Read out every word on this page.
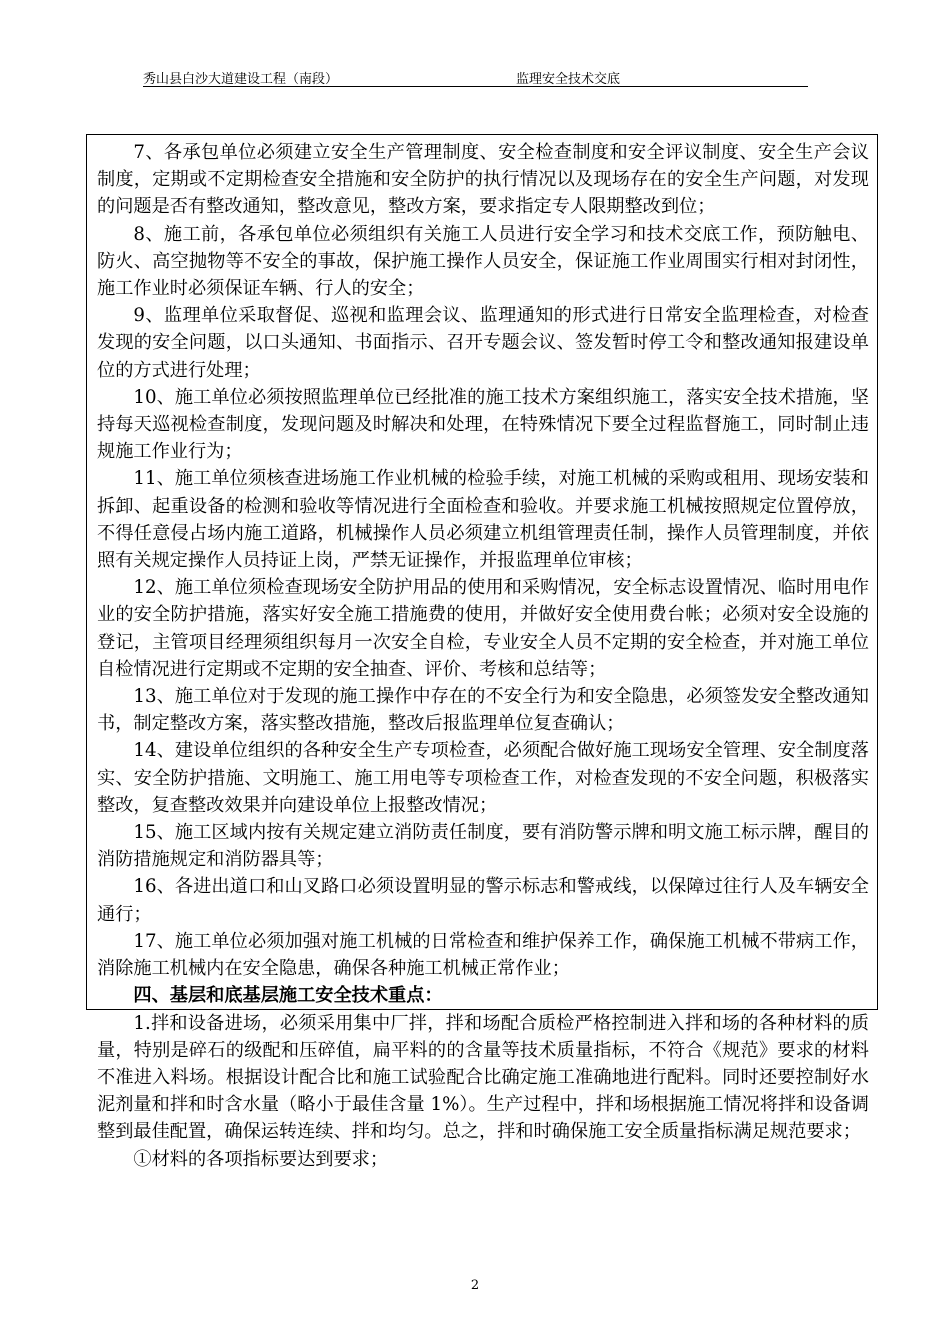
秀山县白沙大道建设工程（南段）	监理安全技术交底

7、各承包单位必须建立安全生产管理制度、安全检查制度和安全评议制度、安全生产会议制度，定期或不定期检查安全措施和安全防护的执行情况以及现场存在的安全生产问题，对发现的问题是否有整改通知，整改意见，整改方案，要求指定专人限期整改到位；

8、施工前，各承包单位必须组织有关施工人员进行安全学习和技术交底工作，预防触电、防火、高空抛物等不安全的事故，保护施工操作人员安全，保证施工作业周围实行相对封闭性，施工作业时必须保证车辆、行人的安全；

9、监理单位采取督促、巡视和监理会议、监理通知的形式进行日常安全监理检查，对检查发现的安全问题，以口头通知、书面指示、召开专题会议、签发暂时停工令和整改通知报建设单位的方式进行处理；

10、施工单位必须按照监理单位已经批准的施工技术方案组织施工，落实安全技术措施，坚持每天巡视检查制度，发现问题及时解决和处理，在特殊情况下要全过程监督施工，同时制止违规施工作业行为；

11、施工单位须核查进场施工作业机械的检验手续，对施工机械的采购或租用、现场安装和拆卸、起重设备的检测和验收等情况进行全面检查和验收。并要求施工机械按照规定位置停放，不得任意侵占场内施工道路，机械操作人员必须建立机组管理责任制，操作人员管理制度，并依照有关规定操作人员持证上岗，严禁无证操作，并报监理单位审核；

12、施工单位须检查现场安全防护用品的使用和采购情况，安全标志设置情况、临时用电作业的安全防护措施，落实好安全施工措施费的使用，并做好安全使用费台帐；必须对安全设施的登记，主管项目经理须组织每月一次安全自检，专业安全人员不定期的安全检查，并对施工单位自检情况进行定期或不定期的安全抽查、评价、考核和总结等；

13、施工单位对于发现的施工操作中存在的不安全行为和安全隐患，必须签发安全整改通知书，制定整改方案，落实整改措施，整改后报监理单位复查确认；

14、建设单位组织的各种安全生产专项检查，必须配合做好施工现场安全管理、安全制度落实、安全防护措施、文明施工、施工用电等专项检查工作，对检查发现的不安全问题，积极落实整改，复查整改效果并向建设单位上报整改情况；

15、施工区域内按有关规定建立消防责任制度，要有消防警示牌和明文施工标示牌，醒目的消防措施规定和消防器具等；

16、各进出道口和山叉路口必须设置明显的警示标志和警戒线，以保障过往行人及车辆安全通行；

17、施工单位必须加强对施工机械的日常检查和维护保养工作，确保施工机械不带病工作，消除施工机械内在安全隐患，确保各种施工机械正常作业；

四、基层和底基层施工安全技术重点：

1.拌和设备进场，必须采用集中厂拌，拌和场配合质检严格控制进入拌和场的各种材料的质量，特别是碎石的级配和压碎值，扁平料的的含量等技术质量指标，不符合《规范》要求的材料不准进入料场。根据设计配合比和施工试验配合比确定施工准确地进行配料。同时还要控制好水泥剂量和拌和时含水量（略小于最佳含量 1%）。生产过程中，拌和场根据施工情况将拌和设备调整到最佳配置，确保运转连续、拌和均匀。总之，拌和时确保施工安全质量指标满足规范要求；

①材料的各项指标要达到要求；

2
